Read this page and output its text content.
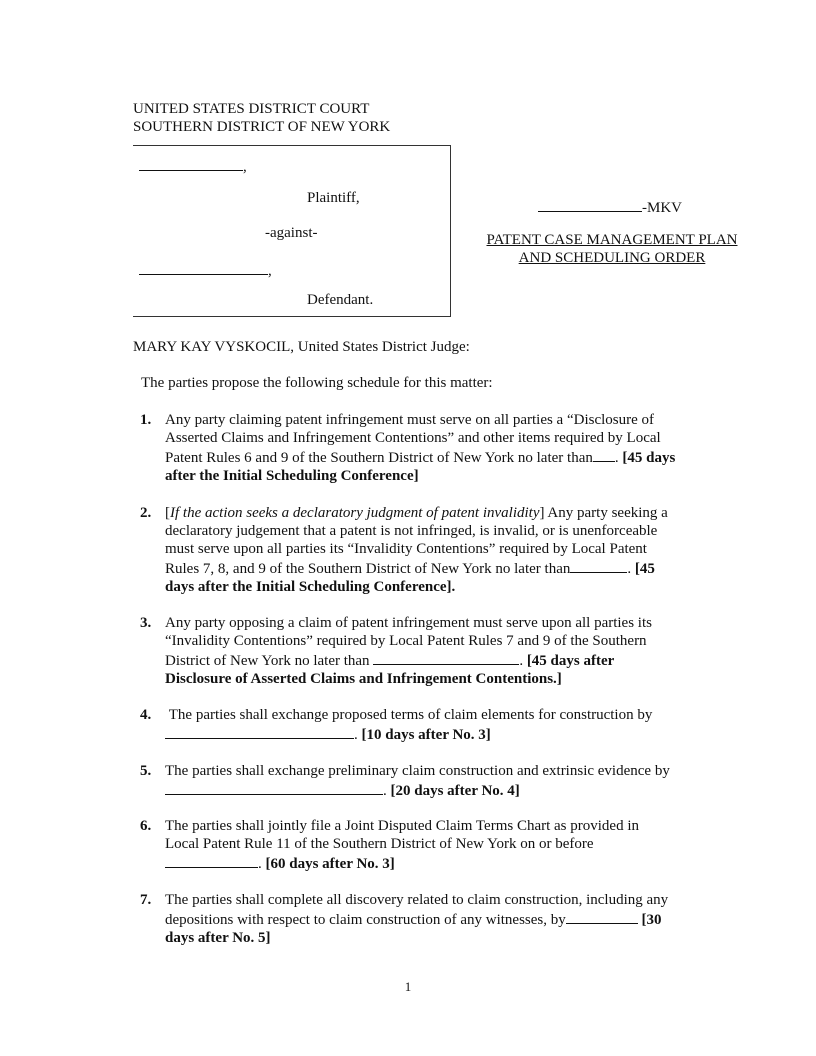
UNITED STATES DISTRICT COURT
SOUTHERN DISTRICT OF NEW YORK
,
Plaintiff,
-against-
,
Defendant.
-MKV
PATENT CASE MANAGEMENT PLAN
AND SCHEDULING ORDER
MARY KAY VYSKOCIL, United States District Judge:
The parties propose the following schedule for this matter:
1. Any party claiming patent infringement must serve on all parties a “Disclosure of
Asserted Claims and Infringement Contentions” and other items required by Local
Patent Rules 6 and 9 of the Southern District of New York no later than . [45 days
after the Initial Scheduling Conference]
2. [If the action seeks a declaratory judgment of patent invalidity] Any party seeking a
declaratory judgement that a patent is not infringed, is invalid, or is unenforceable
must serve upon all parties its “Invalidity Contentions” required by Local Patent
Rules 7, 8, and 9 of the Southern District of New York no later than	. [45
days after the Initial Scheduling Conference].
3. Any party opposing a claim of patent infringement must serve upon all parties its
“Invalidity Contentions” required by Local Patent Rules 7 and 9 of the Southern
District of New York no later than	. [45 days after
Disclosure of Asserted Claims and Infringement Contentions.]
4. The parties shall exchange proposed terms of claim elements for construction by
. [10 days after No. 3]
5. The parties shall exchange preliminary claim construction and extrinsic evidence by
. [20 days after No. 4]
6. The parties shall jointly file a Joint Disputed Claim Terms Chart as provided in
Local Patent Rule 11 of the Southern District of New York on or before
. [60 days after No. 3]
7. The parties shall complete all discovery related to claim construction, including any
depositions with respect to claim construction of any witnesses, by	[30
days after No. 5]
1
